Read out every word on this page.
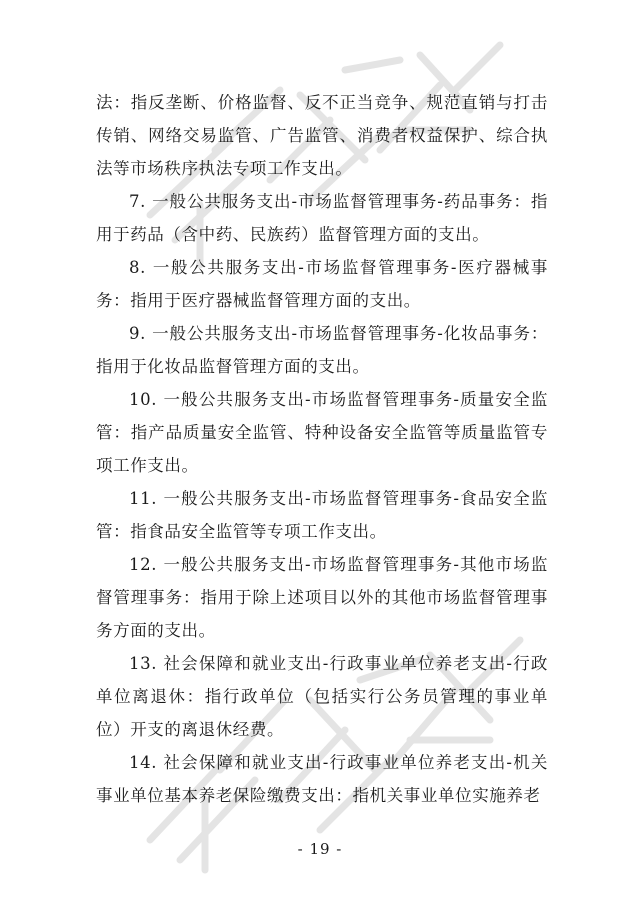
法：指反垄断、价格监督、反不正当竞争、规范直销与打击传销、网络交易监管、广告监管、消费者权益保护、综合执法等市场秩序执法专项工作支出。

7. 一般公共服务支出-市场监督管理事务-药品事务：指用于药品（含中药、民族药）监督管理方面的支出。

8. 一般公共服务支出-市场监督管理事务-医疗器械事务：指用于医疗器械监督管理方面的支出。

9. 一般公共服务支出-市场监督管理事务-化妆品事务：指用于化妆品监督管理方面的支出。

10. 一般公共服务支出-市场监督管理事务-质量安全监管：指产品质量安全监管、特种设备安全监管等质量监管专项工作支出。

11. 一般公共服务支出-市场监督管理事务-食品安全监管：指食品安全监管等专项工作支出。

12. 一般公共服务支出-市场监督管理事务-其他市场监督管理事务：指用于除上述项目以外的其他市场监督管理事务方面的支出。

13. 社会保障和就业支出-行政事业单位养老支出-行政单位离退休：指行政单位（包括实行公务员管理的事业单位）开支的离退休经费。

14. 社会保障和就业支出-行政事业单位养老支出-机关事业单位基本养老保险缴费支出：指机关事业单位实施养老

- 19 -
